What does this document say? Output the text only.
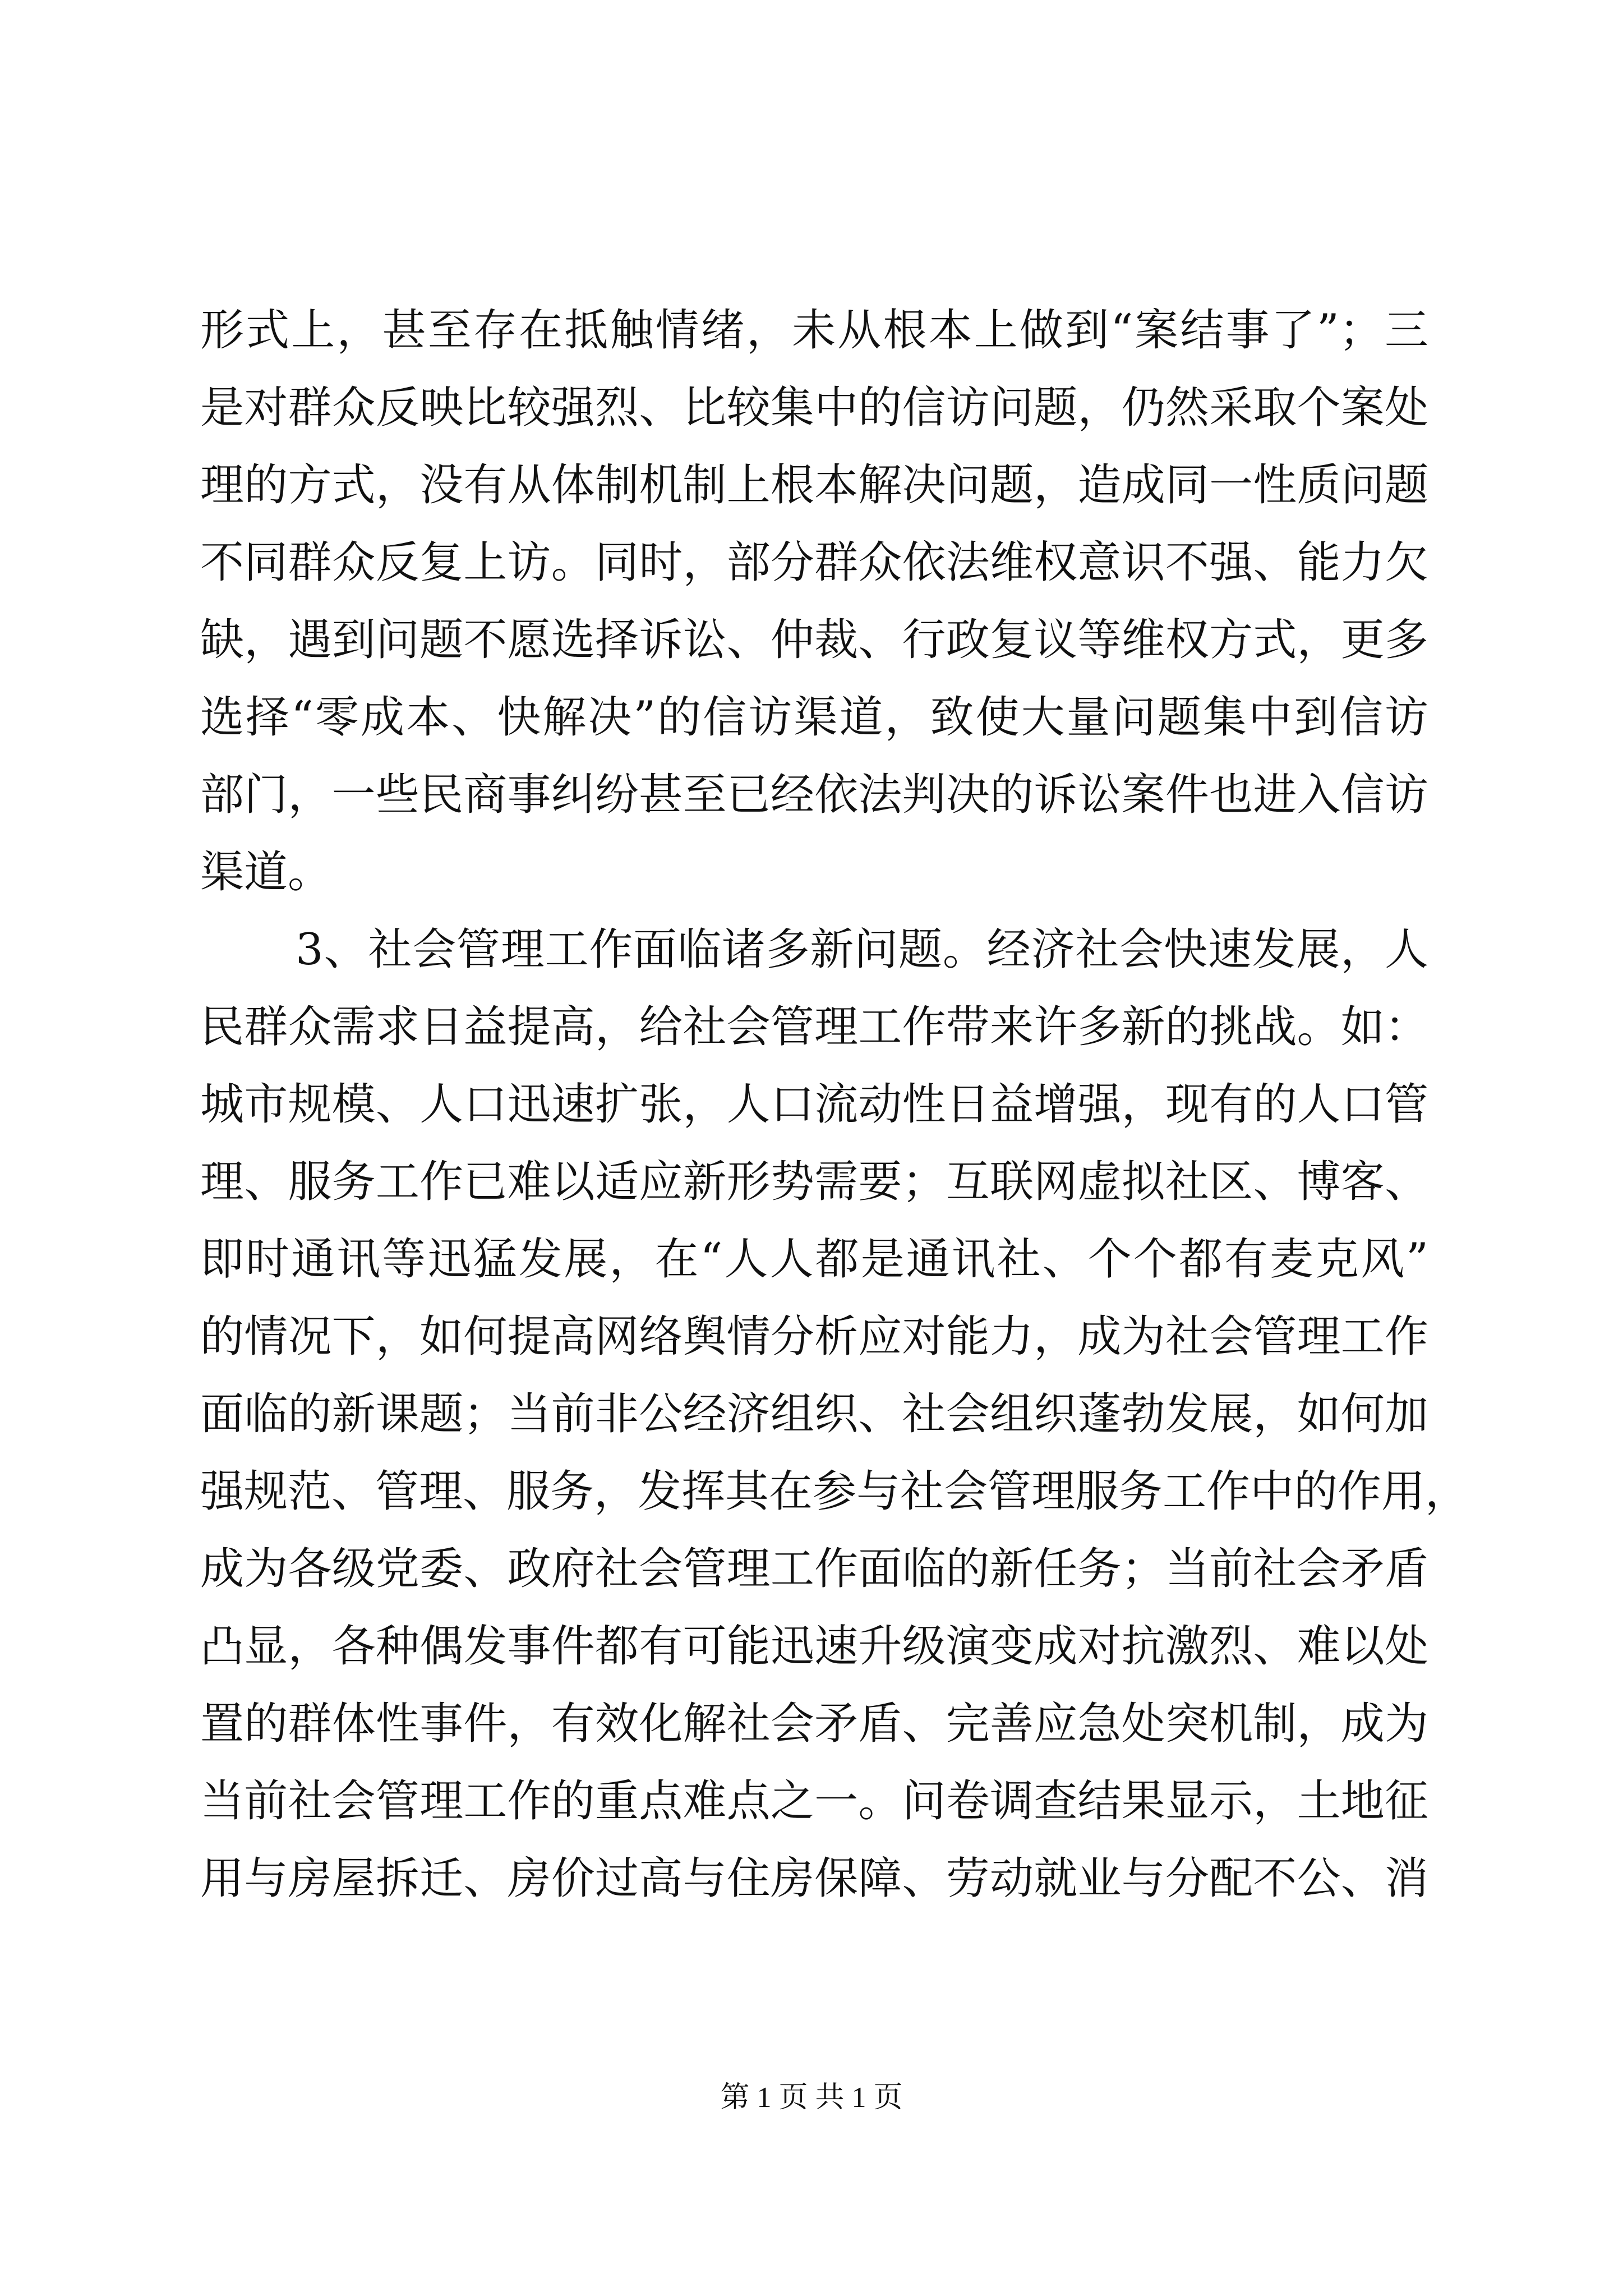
形式上，甚至存在抵触情绪，未从根本上做到“案结事了”；三
是对群众反映比较强烈、比较集中的信访问题，仍然采取个案处
理的方式，没有从体制机制上根本解决问题，造成同一性质问题
不同群众反复上访。同时，部分群众依法维权意识不强、能力欠
缺，遇到问题不愿选择诉讼、仲裁、行政复议等维权方式，更多
选择“零成本、快解决”的信访渠道，致使大量问题集中到信访
部门，一些民商事纠纷甚至已经依法判决的诉讼案件也进入信访
渠道。
3、社会管理工作面临诸多新问题。经济社会快速发展，人
民群众需求日益提高，给社会管理工作带来许多新的挑战。如：
城市规模、人口迅速扩张，人口流动性日益增强，现有的人口管
理、服务工作已难以适应新形势需要；互联网虚拟社区、博客、
即时通讯等迅猛发展，在“人人都是通讯社、个个都有麦克风”
的情况下，如何提高网络舆情分析应对能力，成为社会管理工作
面临的新课题；当前非公经济组织、社会组织蓬勃发展，如何加
强规范、管理、服务，发挥其在参与社会管理服务工作中的作用，
成为各级党委、政府社会管理工作面临的新任务；当前社会矛盾
凸显，各种偶发事件都有可能迅速升级演变成对抗激烈、难以处
置的群体性事件，有效化解社会矛盾、完善应急处突机制，成为
当前社会管理工作的重点难点之一。问卷调查结果显示，土地征
用与房屋拆迁、房价过高与住房保障、劳动就业与分配不公、消
第 1 页 共 1 页
